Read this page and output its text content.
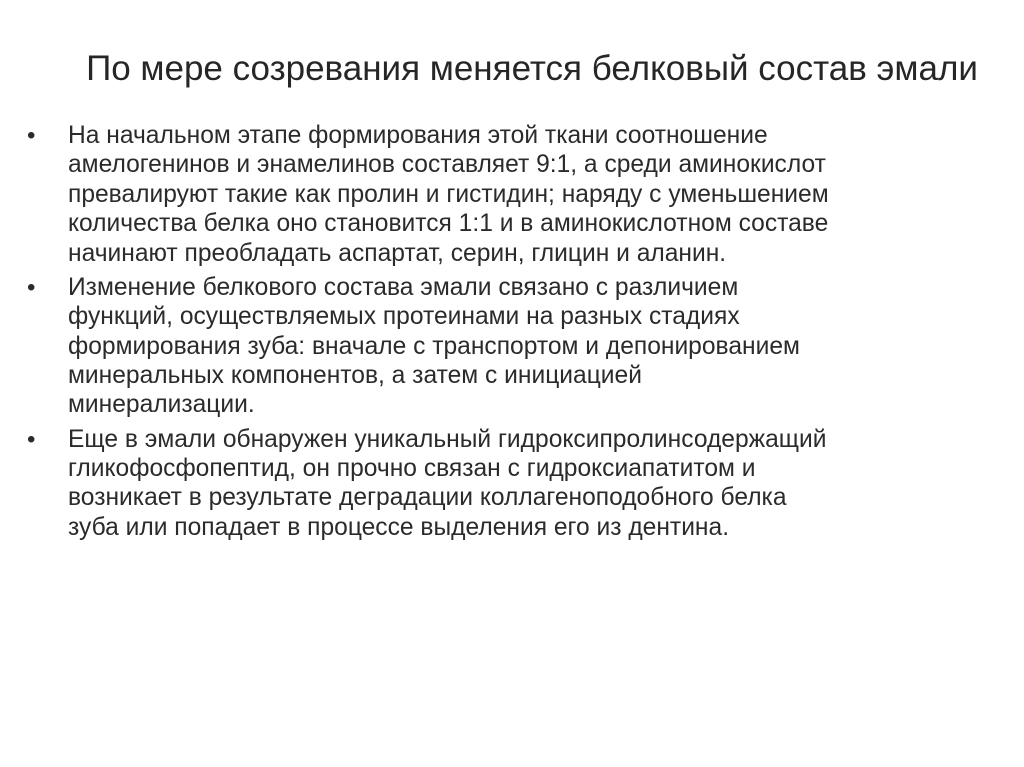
По мере созревания меняется белковый состав эмали
•	На начальном этапе формирования этой ткани соотношение
амелогенинов и энамелинов составляет 9:1, а среди аминокислот
превалируют такие как пролин и гистидин; наряду с уменьшением
количества белка оно становится 1:1 и в аминокислотном составе
начинают преобладать аспартат, серин, глицин и аланин.
•	Изменение белкового состава эмали связано с различием
функций, осуществляемых протеинами на разных стадиях
формирования зуба: вначале с транспортом и депонированием
минеральных компонентов, а затем с инициацией
минерализации.
•	Еще в эмали обнаружен уникальный гидроксипролинсодержащий
гликофосфопептид, он прочно связан с гидроксиапатитом и
возникает в результате деградации коллагеноподобного белка
зуба или попадает в процессе выделения его из дентина.
